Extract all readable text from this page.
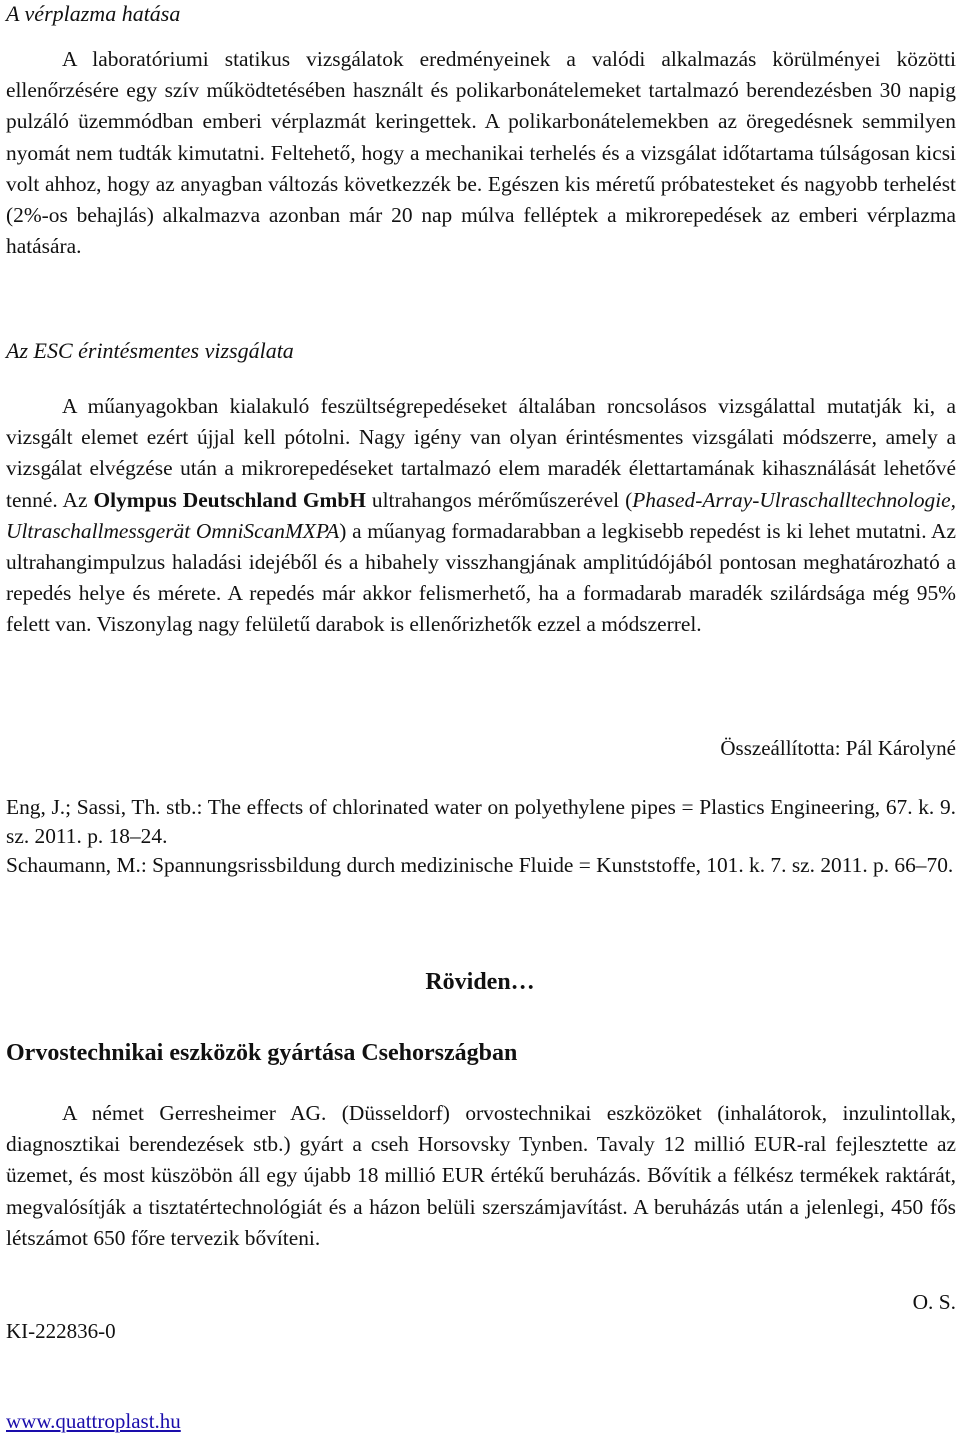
A vérplazma hatása

A laboratóriumi statikus vizsgálatok eredményeinek a valódi alkalmazás körülményei közötti ellenőrzésére egy szív működtetésében használt és polikarbonátelemeket tartalmazó berendezésben 30 napig pulzáló üzemmódban emberi vérplazmát keringettek. A polikarbonátelemekben az öregedésnek semmilyen nyomát nem tudták kimutatni. Feltehető, hogy a mechanikai terhelés és a vizsgálat időtartama túlságosan kicsi volt ahhoz, hogy az anyagban változás következzék be. Egészen kis méretű próbatesteket és nagyobb terhelést (2%-os behajlás) alkalmazva azonban már 20 nap múlva felléptek a mikrorepedések az emberi vérplazma hatására.

Az ESC érintésmentes vizsgálata

A műanyagokban kialakuló feszültségrepedéseket általában roncsolásos vizsgálattal mutatják ki, a vizsgált elemet ezért újjal kell pótolni. Nagy igény van olyan érintésmentes vizsgálati módszerre, amely a vizsgálat elvégzése után a mikrorepedéseket tartalmazó elem maradék élettartamának kihasználását lehetővé tenné. Az Olympus Deutschland GmbH ultrahangos mérőműszerével (Phased-Array-Ulraschalltechnologie, Ultraschallmessgerät OmniScanMXPA) a műanyag formadarabban a legkisebb repedést is ki lehet mutatni. Az ultrahangimpulzus haladási idejéből és a hibahely visszhangjának amplitúdójából pontosan meghatározható a repedés helye és mérete. A repedés már akkor felismerhető, ha a formadarab maradék szilárdsága még 95% felett van. Viszonylag nagy felületű darabok is ellenőrizhetők ezzel a módszerrel.

Összeállította: Pál Károlyné

Eng, J.; Sassi, Th. stb.: The effects of chlorinated water on polyethylene pipes = Plastics Engineering, 67. k. 9. sz. 2011. p. 18–24.

Schaumann, M.: Spannungsrissbildung durch medizinische Fluide = Kunststoffe, 101. k. 7. sz. 2011. p. 66–70.

Röviden…
Orvostechnikai eszközök gyártása Csehországban

A német Gerresheimer AG. (Düsseldorf) orvostechnikai eszközöket (inhalátorok, inzulintollak, diagnosztikai berendezések stb.) gyárt a cseh Horsovsky Tynben. Tavaly 12 millió EUR-ral fejlesztette az üzemet, és most küszöbön áll egy újabb 18 millió EUR értékű beruházás. Bővítik a félkész termékek raktárát, megvalósítják a tisztatértechnológiát és a házon belüli szerszámjavítást. A beruházás után a jelenlegi, 450 fős létszámot 650 főre tervezik bővíteni.

O. S.
KI-222836-0
www.quattroplast.hu
